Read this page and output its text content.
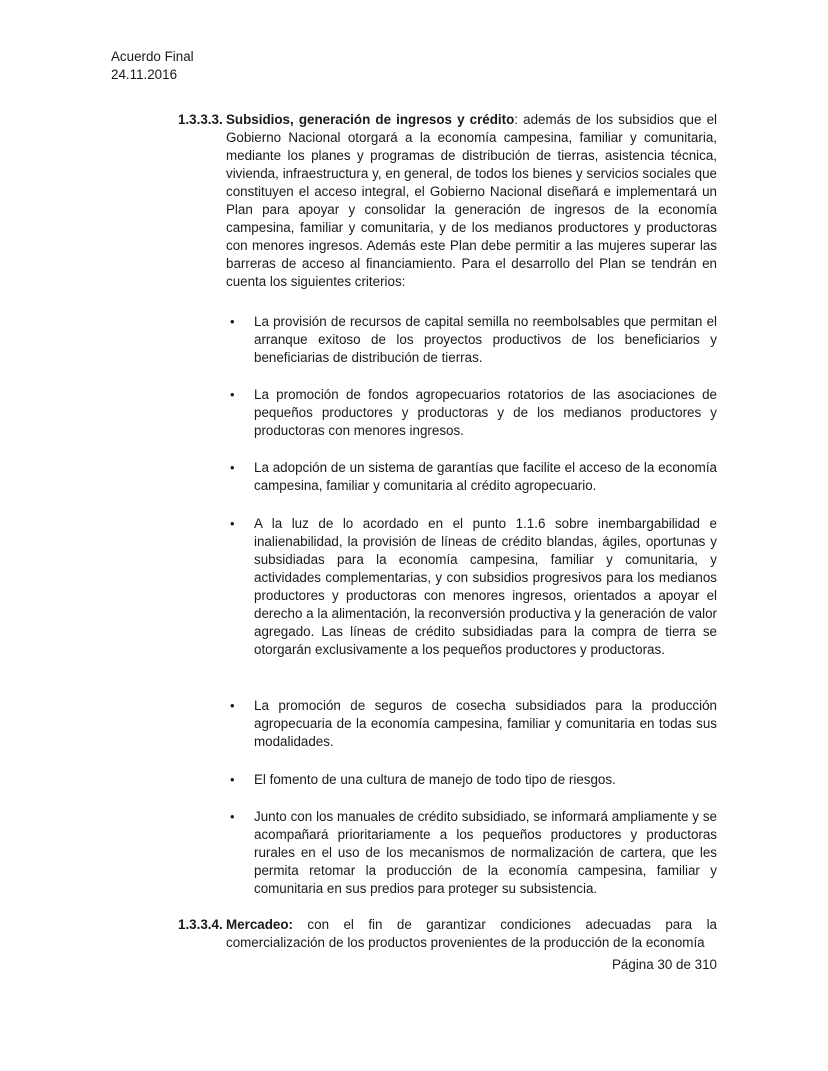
Acuerdo Final
24.11.2016
1.3.3.3. Subsidios, generación de ingresos y crédito: además de los subsidios que el Gobierno Nacional otorgará a la economía campesina, familiar y comunitaria, mediante los planes y programas de distribución de tierras, asistencia técnica, vivienda, infraestructura y, en general, de todos los bienes y servicios sociales que constituyen el acceso integral, el Gobierno Nacional diseñará e implementará un Plan para apoyar y consolidar la generación de ingresos de la economía campesina, familiar y comunitaria, y de los medianos productores y productoras con menores ingresos. Además este Plan debe permitir a las mujeres superar las barreras de acceso al financiamiento. Para el desarrollo del Plan se tendrán en cuenta los siguientes criterios:
• La provisión de recursos de capital semilla no reembolsables que permitan el arranque exitoso de los proyectos productivos de los beneficiarios y beneficiarias de distribución de tierras.
• La promoción de fondos agropecuarios rotatorios de las asociaciones de pequeños productores y productoras y de los medianos productores y productoras con menores ingresos.
• La adopción de un sistema de garantías que facilite el acceso de la economía campesina, familiar y comunitaria al crédito agropecuario.
• A la luz de lo acordado en el punto 1.1.6 sobre inembargabilidad e inalienabilidad, la provisión de líneas de crédito blandas, ágiles, oportunas y subsidiadas para la economía campesina, familiar y comunitaria, y actividades complementarias, y con subsidios progresivos para los medianos productores y productoras con menores ingresos, orientados a apoyar el derecho a la alimentación, la reconversión productiva y la generación de valor agregado. Las líneas de crédito subsidiadas para la compra de tierra se otorgarán exclusivamente a los pequeños productores y productoras.
• La promoción de seguros de cosecha subsidiados para la producción agropecuaria de la economía campesina, familiar y comunitaria en todas sus modalidades.
• El fomento de una cultura de manejo de todo tipo de riesgos.
• Junto con los manuales de crédito subsidiado, se informará ampliamente y se acompañará prioritariamente a los pequeños productores y productoras rurales en el uso de los mecanismos de normalización de cartera, que les permita retomar la producción de la economía campesina, familiar y comunitaria en sus predios para proteger su subsistencia.
1.3.3.4. Mercadeo: con el fin de garantizar condiciones adecuadas para la comercialización de los productos provenientes de la producción de la economía
Página 30 de 310
